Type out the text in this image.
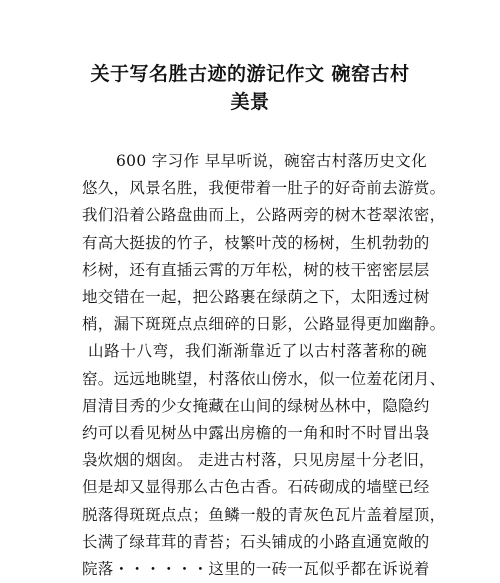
关于写名胜古迹的游记作文 碗窑古村
美景
600 字习作 早早听说，碗窑古村落历史文化
悠久，风景名胜，我便带着一肚子的好奇前去游赏。
我们沿着公路盘曲而上，公路两旁的树木苍翠浓密，
有高大挺拔的竹子，枝繁叶茂的杨树，生机勃勃的
杉树，还有直插云霄的万年松，树的枝干密密层层
地交错在一起，把公路裹在绿荫之下，太阳透过树
梢，漏下斑斑点点细碎的日影，公路显得更加幽静。
山路十八弯，我们渐渐靠近了以古村落著称的碗
窑。远远地眺望，村落依山傍水，似一位羞花闭月、
眉清目秀的少女掩藏在山间的绿树丛林中，隐隐约
约可以看见树丛中露出房檐的一角和时不时冒出袅
袅炊烟的烟囱。 走进古村落，只见房屋十分老旧，
但是却又显得那么古色古香。石砖砌成的墙壁已经
脱落得斑斑点点；鱼鳞一般的青灰色瓦片盖着屋顶，
长满了绿茸茸的青苔；石头铺成的小路直通宽敞的
院落・・・・・・这里的一砖一瓦似乎都在诉说着
